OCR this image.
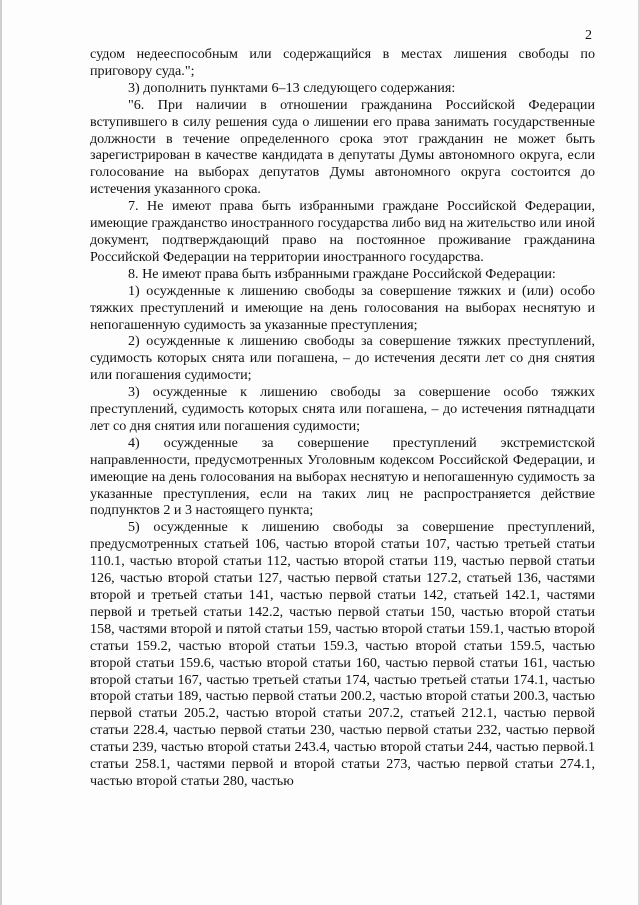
2

судом недееспособным или содержащийся в местах лишения свободы по приговору суда.";

3) дополнить пунктами 6–13 следующего содержания:

"6. При наличии в отношении гражданина Российской Федерации вступившего в силу решения суда о лишении его права занимать государственные должности в течение определенного срока этот гражданин не может быть зарегистрирован в качестве кандидата в депутаты Думы автономного округа, если голосование на выборах депутатов Думы автономного округа состоится до истечения указанного срока.

7. Не имеют права быть избранными граждане Российской Федерации, имеющие гражданство иностранного государства либо вид на жительство или иной документ, подтверждающий право на постоянное проживание гражданина Российской Федерации на территории иностранного государства.

8. Не имеют права быть избранными граждане Российской Федерации:

1) осужденные к лишению свободы за совершение тяжких и (или) особо тяжких преступлений и имеющие на день голосования на выборах неснятую и непогашенную судимость за указанные преступления;

2) осужденные к лишению свободы за совершение тяжких преступлений, судимость которых снята или погашена, – до истечения десяти лет со дня снятия или погашения судимости;

3) осужденные к лишению свободы за совершение особо тяжких преступлений, судимость которых снята или погашена, – до истечения пятнадцати лет со дня снятия или погашения судимости;

4) осужденные за совершение преступлений экстремистской направленности, предусмотренных Уголовным кодексом Российской Федерации, и имеющие на день голосования на выборах неснятую и непогашенную судимость за указанные преступления, если на таких лиц не распространяется действие подпунктов 2 и 3 настоящего пункта;

5) осужденные к лишению свободы за совершение преступлений, предусмотренных статьей 106, частью второй статьи 107, частью третьей статьи 110.1, частью второй статьи 112, частью второй статьи 119, частью первой статьи 126, частью второй статьи 127, частью первой статьи 127.2, статьей 136, частями второй и третьей статьи 141, частью первой статьи 142, статьей 142.1, частями первой и третьей статьи 142.2, частью первой статьи 150, частью второй статьи 158, частями второй и пятой статьи 159, частью второй статьи 159.1, частью второй статьи 159.2, частью второй статьи 159.3, частью второй статьи 159.5, частью второй статьи 159.6, частью второй статьи 160, частью первой статьи 161, частью второй статьи 167, частью третьей статьи 174, частью третьей статьи 174.1, частью второй статьи 189, частью первой статьи 200.2, частью второй статьи 200.3, частью первой статьи 205.2, частью второй статьи 207.2, статьей 212.1, частью первой статьи 228.4, частью первой статьи 230, частью первой статьи 232, частью первой статьи 239, частью второй статьи 243.4, частью второй статьи 244, частью первой.1 статьи 258.1, частями первой и второй статьи 273, частью первой статьи 274.1, частью второй статьи 280, частью
